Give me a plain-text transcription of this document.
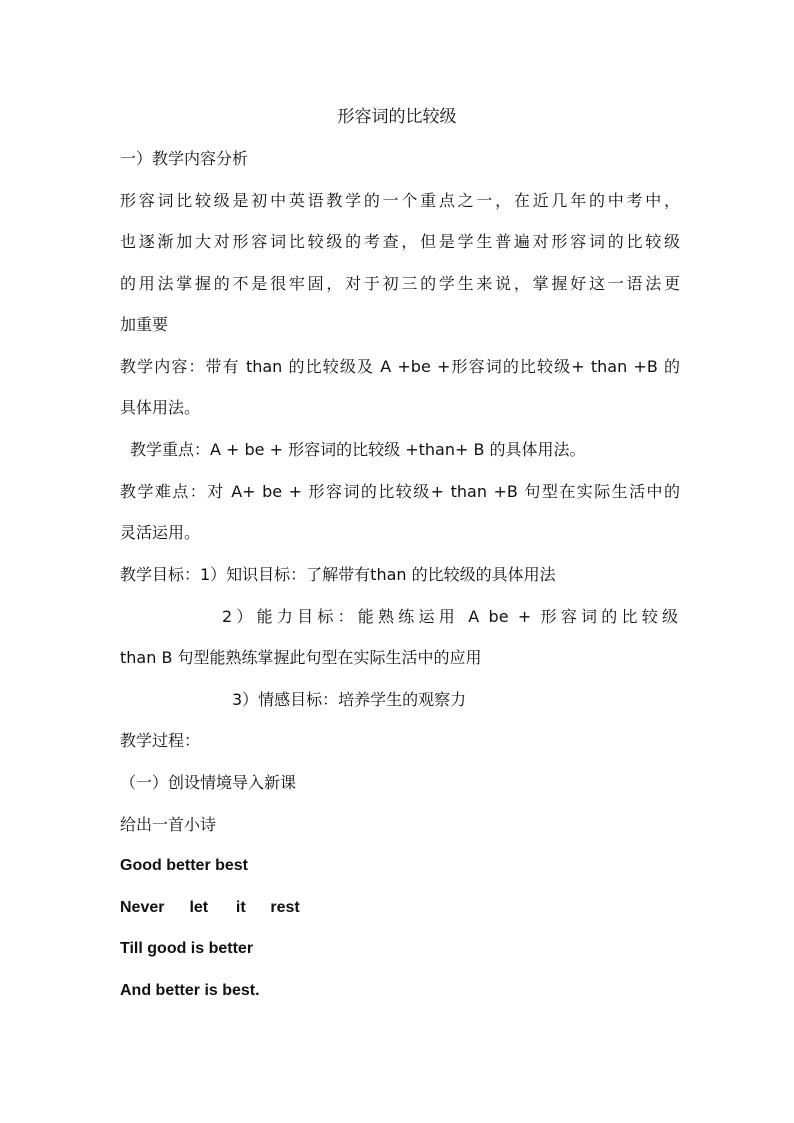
形容词的比较级
一）教学内容分析
形容词比较级是初中英语教学的一个重点之一，在近几年的中考中，
也逐渐加大对形容词比较级的考查，但是学生普遍对形容词的比较级
的用法掌握的不是很牢固，对于初三的学生来说，掌握好这一语法更
加重要
教学内容：带有 than 的比较级及 A +be +形容词的比较级+ than +B 的
具体用法。
教学重点：A + be + 形容词的比较级 +than+ B 的具体用法。
教学难点：对 A+ be + 形容词的比较级+ than +B 句型在实际生活中的
灵活运用。
教学目标：1）知识目标：了解带有than 的比较级的具体用法
2）能力目标：能熟练运用 A be + 形容词的比较级
than B 句型能熟练掌握此句型在实际生活中的应用
3）情感目标：培养学生的观察力
教学过程：
（一）创设情境导入新课
给出一首小诗
Good better best
Never let it rest
Till good is better
And better is best.
